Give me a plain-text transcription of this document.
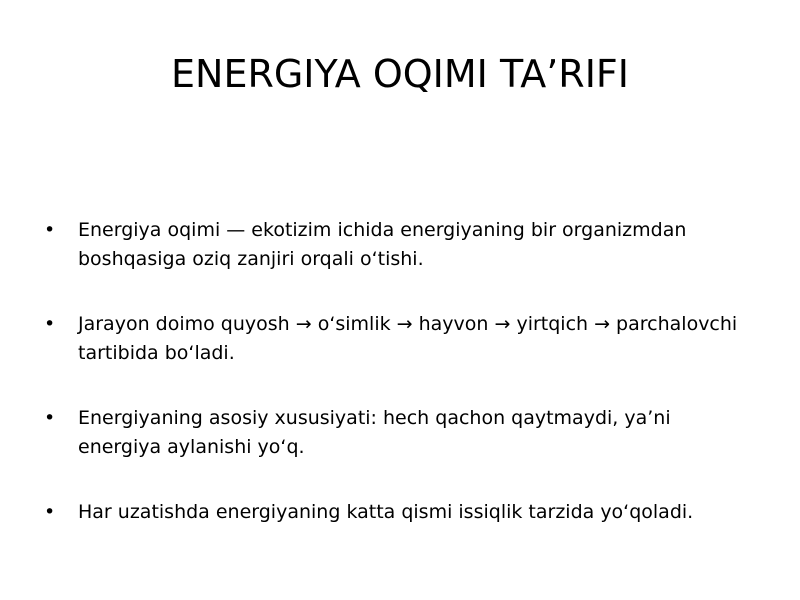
ENERGIYA OQIMI TA’RIFI
• Energiya oqimi — ekotizim ichida energiyaning bir organizmdan boshqasiga oziq zanjiri orqali o‘tishi.
• Jarayon doimo quyosh → o‘simlik → hayvon → yirtqich → parchalovchi tartibida bo‘ladi.
• Energiyaning asosiy xususiyati: hech qachon qaytmaydi, ya’ni energiya aylanishi yo‘q.
• Har uzatishda energiyaning katta qismi issiqlik tarzida yo‘qoladi.
